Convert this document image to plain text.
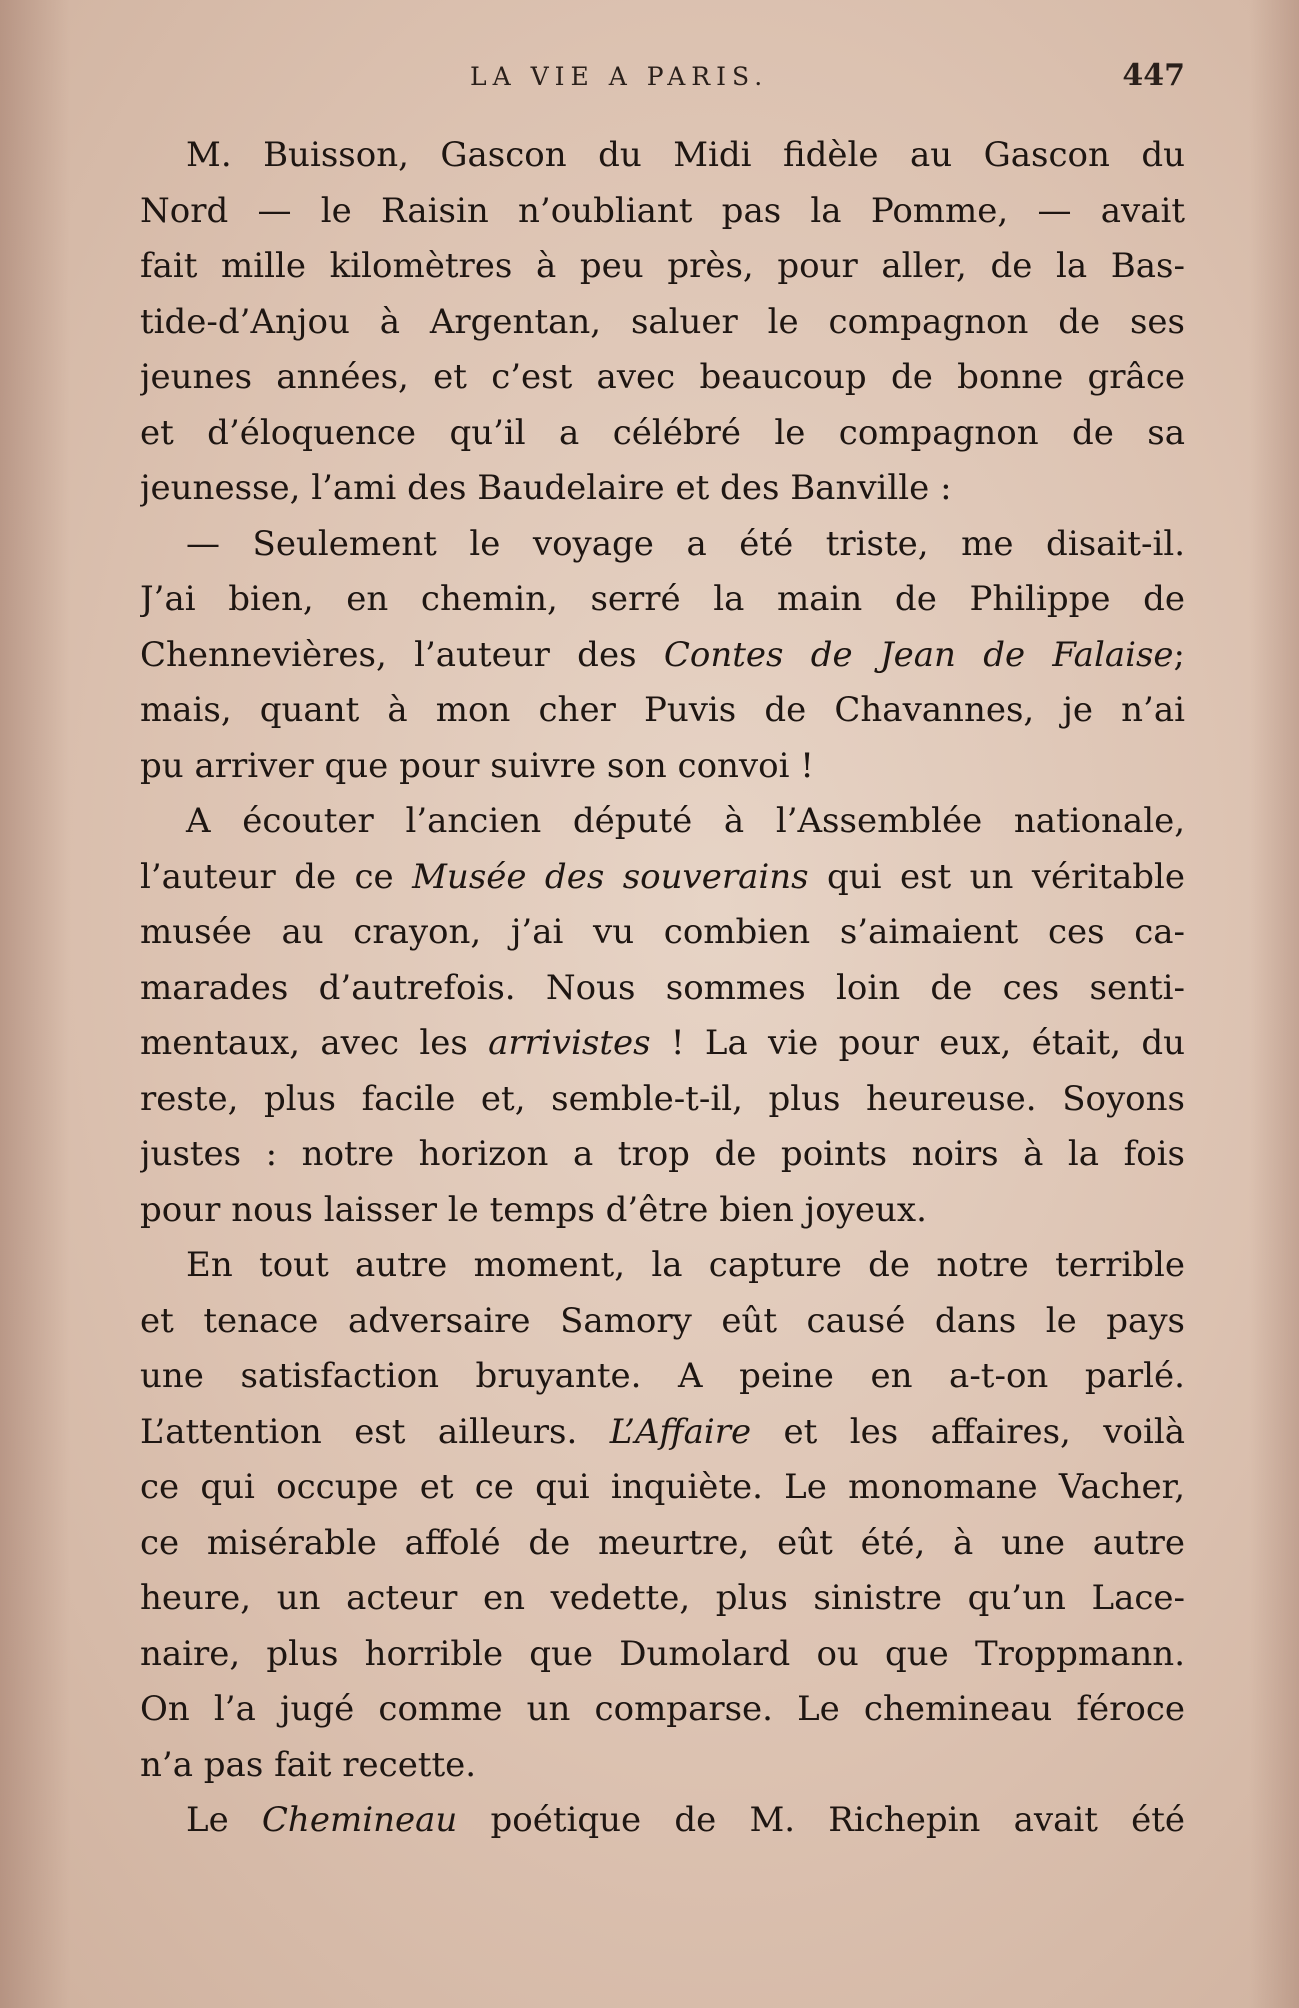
LA VIE A PARIS.	447
M. Buisson, Gascon du Midi fidèle au Gascon du
Nord — le Raisin n’oubliant pas la Pomme, — avait
fait mille kilomètres à peu près, pour aller, de la Bas-
tide-d’Anjou à Argentan, saluer le compagnon de ses
jeunes années, et c’est avec beaucoup de bonne grâce
et d’éloquence qu’il a célébré le compagnon de sa
jeunesse, l’ami des Baudelaire et des Banville :
— Seulement le voyage a été triste, me disait-il.
J’ai bien, en chemin, serré la main de Philippe de
Chennevières, l’auteur des Contes de Jean de Falaise;
mais, quant à mon cher Puvis de Chavannes, je n’ai
pu arriver que pour suivre son convoi !
A écouter l’ancien député à l’Assemblée nationale,
l’auteur de ce Musée des souverains qui est un véritable
musée au crayon, j’ai vu combien s’aimaient ces ca-
marades d’autrefois. Nous sommes loin de ces senti-
mentaux, avec les arrivistes ! La vie pour eux, était, du
reste, plus facile et, semble-t-il, plus heureuse. Soyons
justes : notre horizon a trop de points noirs à la fois
pour nous laisser le temps d’être bien joyeux.
En tout autre moment, la capture de notre terrible
et tenace adversaire Samory eût causé dans le pays
une satisfaction bruyante. A peine en a-t-on parlé.
L’attention est ailleurs. L’Affaire et les affaires, voilà
ce qui occupe et ce qui inquiète. Le monomane Vacher,
ce misérable affolé de meurtre, eût été, à une autre
heure, un acteur en vedette, plus sinistre qu’un Lace-
naire, plus horrible que Dumolard ou que Troppmann.
On l’a jugé comme un comparse. Le chemineau féroce
n’a pas fait recette.
Le Chemineau poétique de M. Richepin avait été
